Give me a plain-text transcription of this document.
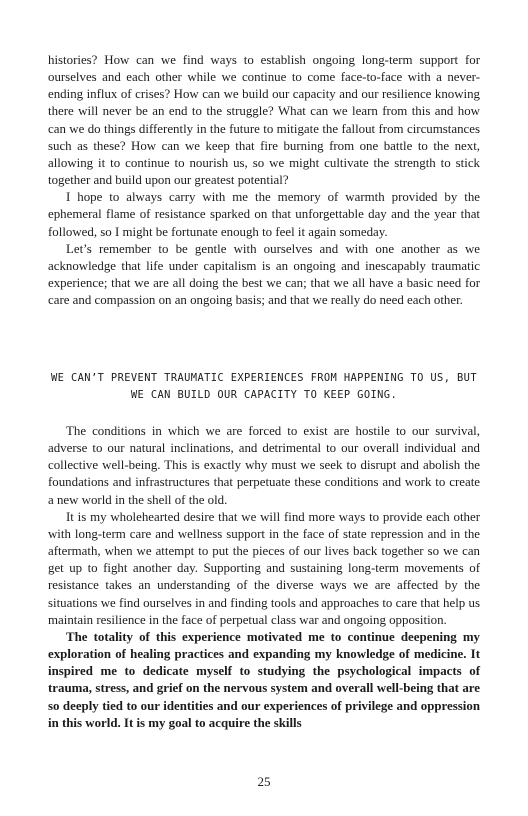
histories? How can we find ways to establish ongoing long-term support for ourselves and each other while we continue to come face-to-face with a never-ending influx of crises? How can we build our capacity and our resilience knowing there will never be an end to the struggle? What can we learn from this and how can we do things differently in the future to mitigate the fallout from circumstances such as these? How can we keep that fire burning from one battle to the next, allowing it to continue to nourish us, so we might cultivate the strength to stick together and build upon our greatest potential?

I hope to always carry with me the memory of warmth provided by the ephemeral flame of resistance sparked on that unforgettable day and the year that followed, so I might be fortunate enough to feel it again someday.

Let’s remember to be gentle with ourselves and with one another as we acknowledge that life under capitalism is an ongoing and inescapably traumatic experience; that we are all doing the best we can; that we all have a basic need for care and compassion on an ongoing basis; and that we really do need each other.

WE CAN’T PREVENT TRAUMATIC EXPERIENCES FROM HAPPENING TO US, BUT WE CAN BUILD OUR CAPACITY TO KEEP GOING.

The conditions in which we are forced to exist are hostile to our survival, adverse to our natural inclinations, and detrimental to our overall individual and collective well-being. This is exactly why must we seek to disrupt and abolish the foundations and infrastructures that perpetuate these conditions and work to create a new world in the shell of the old.

It is my wholehearted desire that we will find more ways to provide each other with long-term care and wellness support in the face of state repression and in the aftermath, when we attempt to put the pieces of our lives back together so we can get up to fight another day. Supporting and sustaining long-term movements of resistance takes an understanding of the diverse ways we are affected by the situations we find ourselves in and finding tools and approaches to care that help us maintain resilience in the face of perpetual class war and ongoing opposition.

The totality of this experience motivated me to continue deepening my exploration of healing practices and expanding my knowledge of medicine. It inspired me to dedicate myself to studying the psychological impacts of trauma, stress, and grief on the nervous system and overall well-being that are so deeply tied to our identities and our experiences of privilege and oppression in this world. It is my goal to acquire the skills

25
